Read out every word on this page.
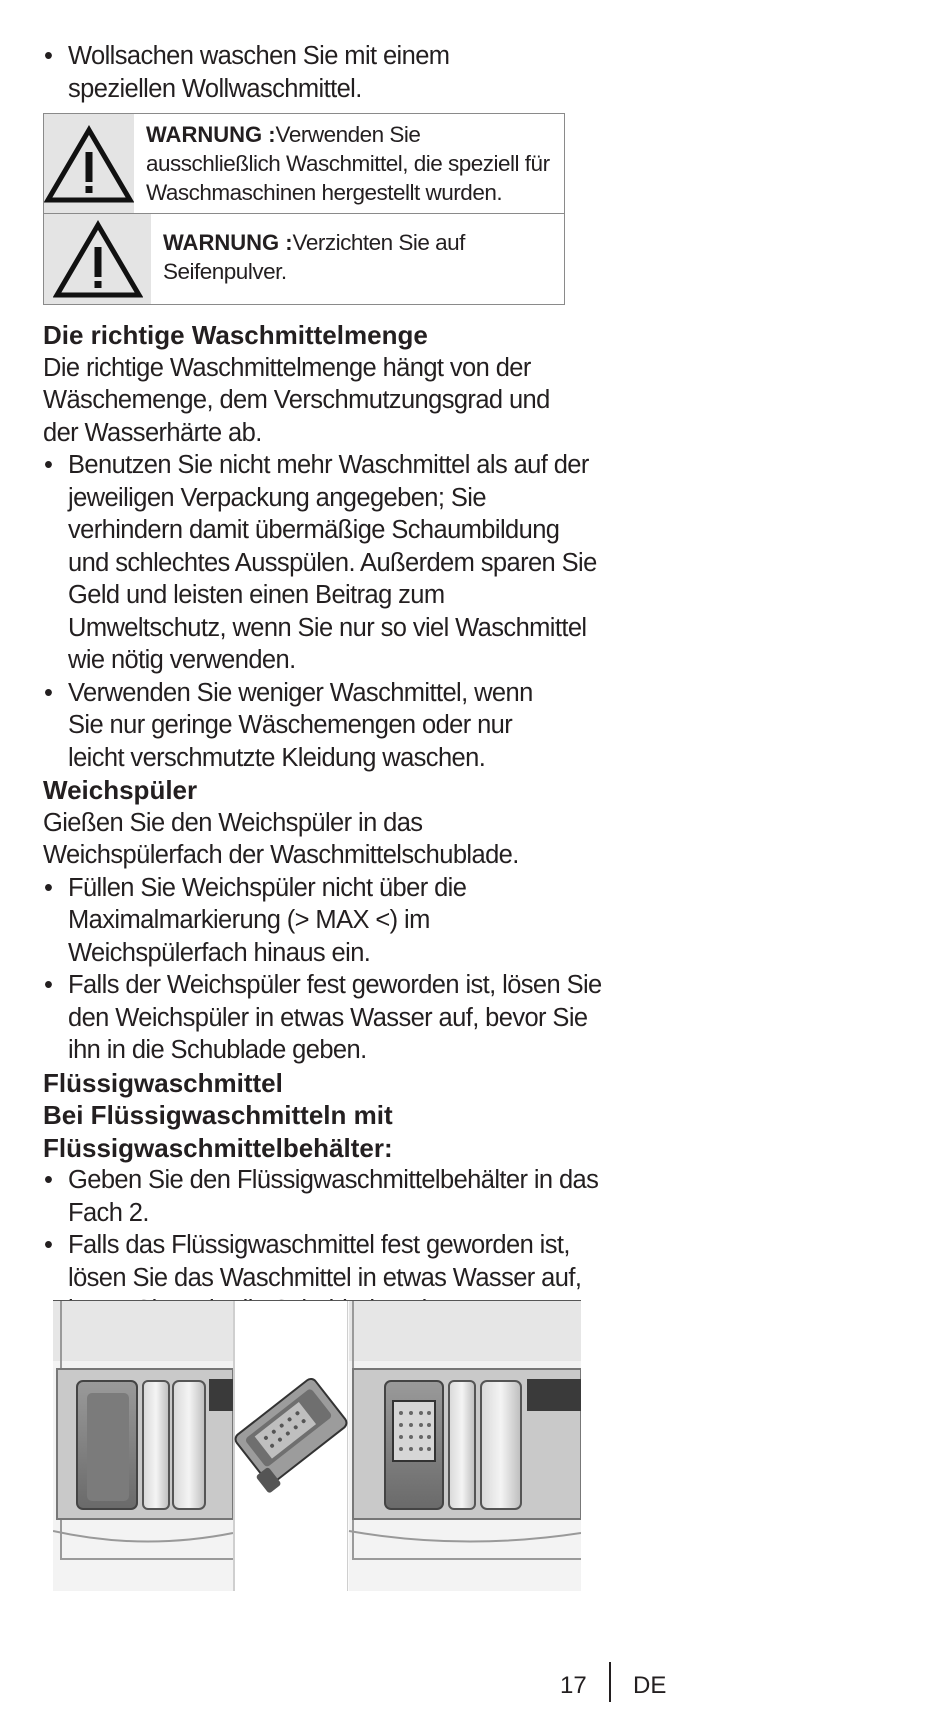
• Wollsachen waschen Sie mit einem speziellen Wollwaschmittel.
WARNUNG :Verwenden Sie ausschließlich Waschmittel, die speziell für Waschmaschinen hergestellt wurden.
WARNUNG :Verzichten Sie auf Seifenpulver.
Die richtige Waschmittelmenge
Die richtige Waschmittelmenge hängt von der Wäschemenge, dem Verschmutzungsgrad und der Wasserhärte ab.
• Benutzen Sie nicht mehr Waschmittel als auf der jeweiligen Verpackung angegeben; Sie verhindern damit übermäßige Schaumbildung und schlechtes Ausspülen. Außerdem sparen Sie Geld und leisten einen Beitrag zum Umweltschutz, wenn Sie nur so viel Waschmittel wie nötig verwenden.
• Verwenden Sie weniger Waschmittel, wenn Sie nur geringe Wäschemengen oder nur leicht verschmutzte Kleidung waschen.
Weichspüler
Gießen Sie den Weichspüler in das Weichspülerfach der Waschmittelschublade.
• Füllen Sie Weichspüler nicht über die Maximalmarkierung (> MAX <) im Weichspülerfach hinaus ein.
• Falls der Weichspüler fest geworden ist, lösen Sie den Weichspüler in etwas Wasser auf, bevor Sie ihn in die Schublade geben.
Flüssigwaschmittel
Bei Flüssigwaschmitteln mit Flüssigwaschmittelbehälter:
• Geben Sie den Flüssigwaschmittelbehälter in das Fach 2.
• Falls das Flüssigwaschmittel fest geworden ist, lösen Sie das Waschmittel in etwas Wasser auf,
17 DE
